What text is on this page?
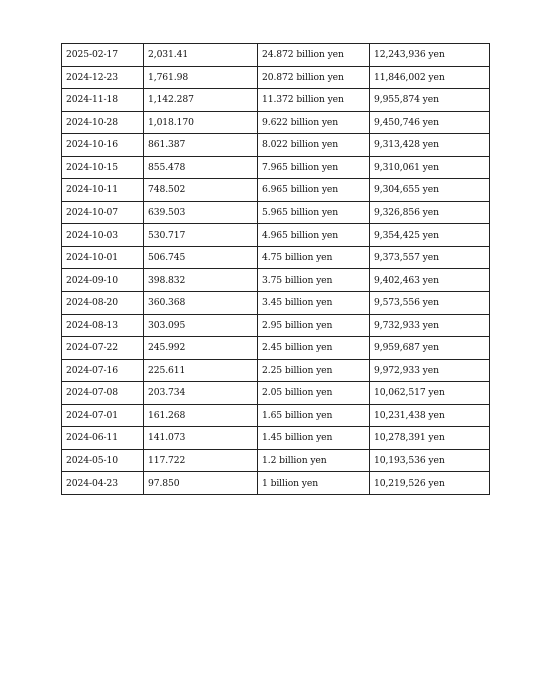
2025-02-17	2,031.41	24.872 billion yen	12,243,936 yen
2024-12-23	1,761.98	20.872 billion yen	11,846,002 yen
2024-11-18	1,142.287	11.372 billion yen	9,955,874 yen
2024-10-28	1,018.170	9.622 billion yen	9,450,746 yen
2024-10-16	861.387	8.022 billion yen	9,313,428 yen
2024-10-15	855.478	7.965 billion yen	9,310,061 yen
2024-10-11	748.502	6.965 billion yen	9,304,655 yen
2024-10-07	639.503	5.965 billion yen	9,326,856 yen
2024-10-03	530.717	4.965 billion yen	9,354,425 yen
2024-10-01	506.745	4.75 billion yen	9,373,557 yen
2024-09-10	398.832	3.75 billion yen	9,402,463 yen
2024-08-20	360.368	3.45 billion yen	9,573,556 yen
2024-08-13	303.095	2.95 billion yen	9,732,933 yen
2024-07-22	245.992	2.45 billion yen	9,959,687 yen
2024-07-16	225.611	2.25 billion yen	9,972,933 yen
2024-07-08	203.734	2.05 billion yen	10,062,517 yen
2024-07-01	161.268	1.65 billion yen	10,231,438 yen
2024-06-11	141.073	1.45 billion yen	10,278,391 yen
2024-05-10	117.722	1.2 billion yen	10,193,536 yen
2024-04-23	97.850	1 billion yen	10,219,526 yen
